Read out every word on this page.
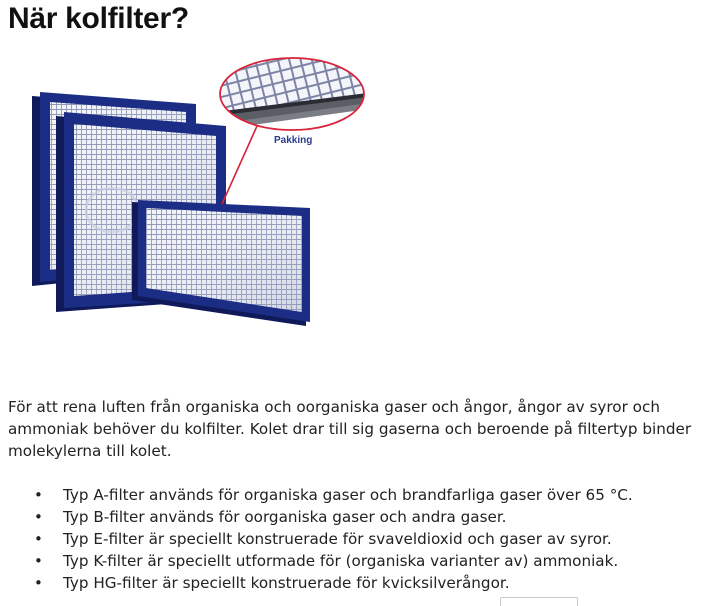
När kolfilter?
Pakking

För att rena luften från organiska och oorganiska gaser och ångor, ångor av syror och ammoniak behöver du kolfilter. Kolet drar till sig gaserna och beroende på filtertyp binder molekylerna till kolet.

• Typ A-filter används för organiska gaser och brandfarliga gaser över 65 °C.
• Typ B-filter används för oorganiska gaser och andra gaser.
• Typ E-filter är speciellt konstruerade för svaveldioxid och gaser av syror.
• Typ K-filter är speciellt utformade för (organiska varianter av) ammoniak.
• Typ HG-filter är speciellt konstruerade för kvicksilverångor.
